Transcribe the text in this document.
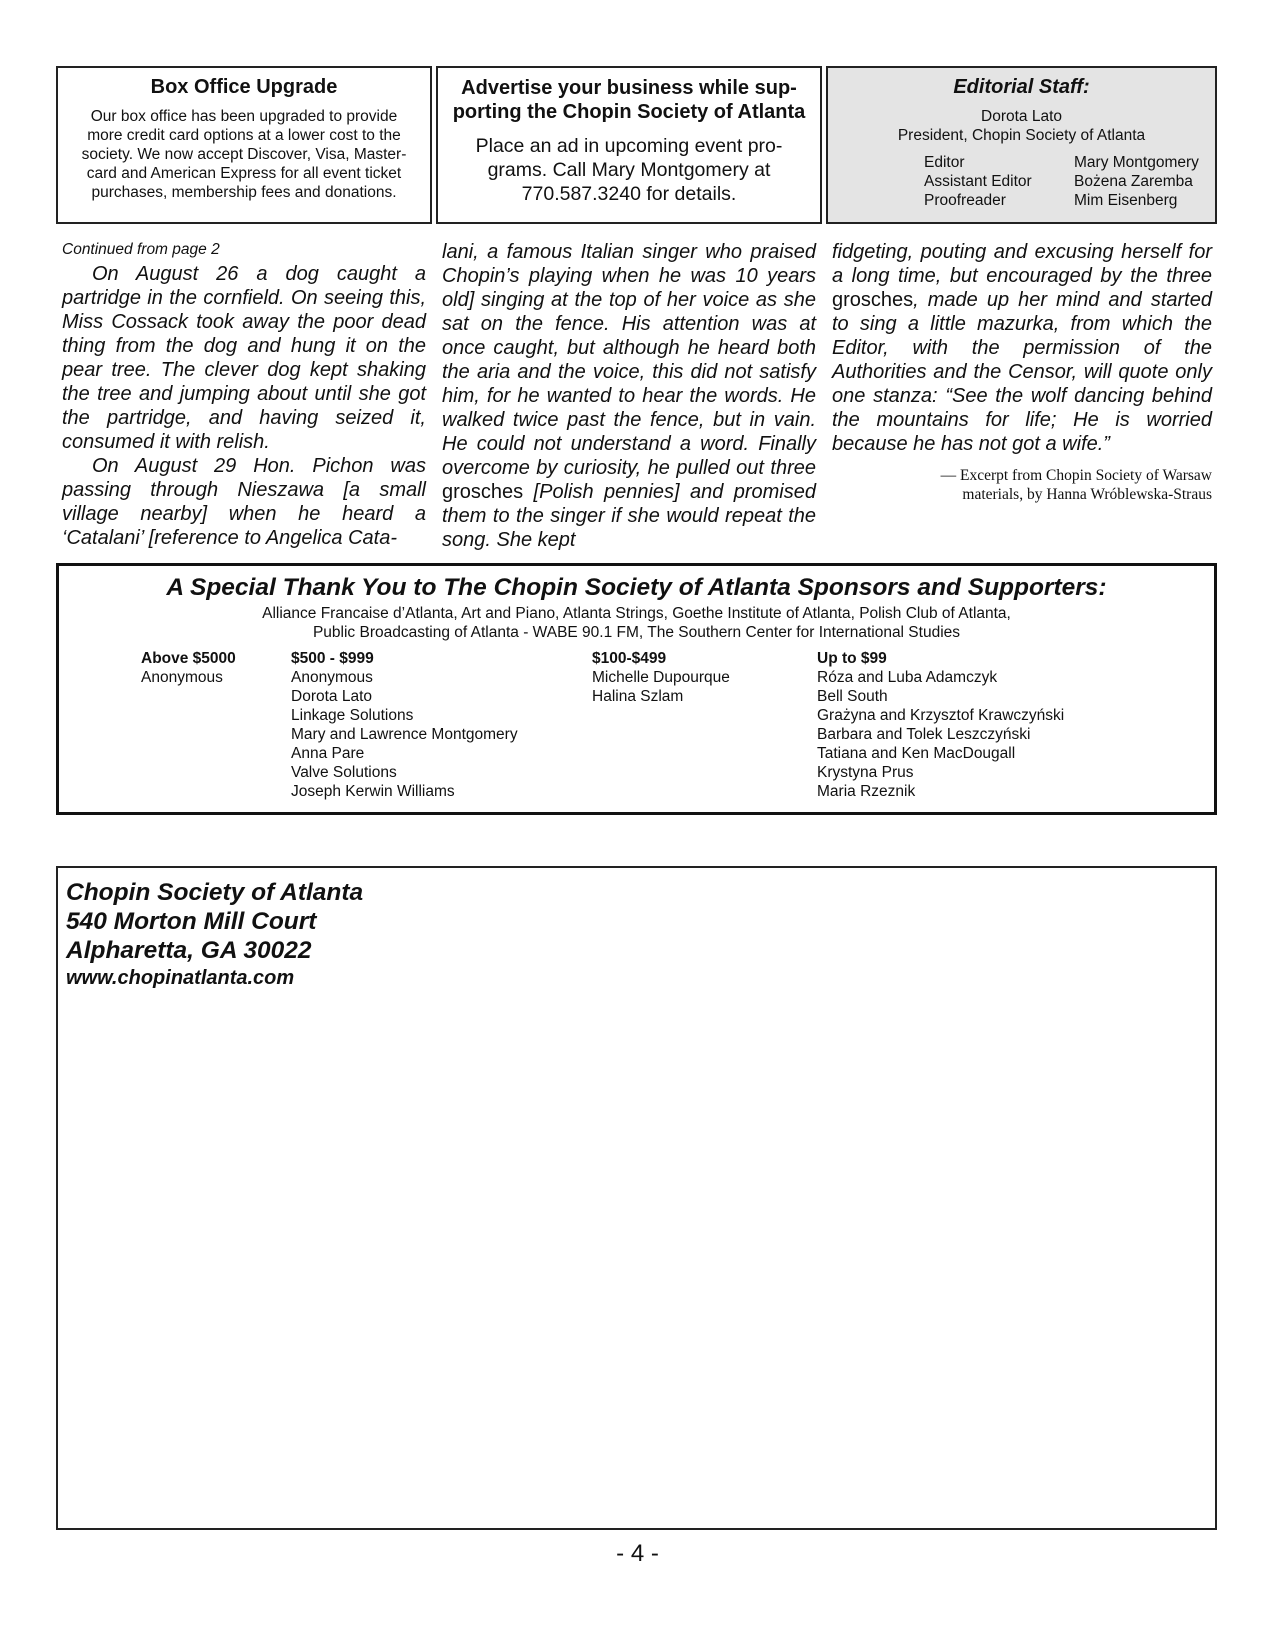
Box Office Upgrade
Our box office has been upgraded to provide
more credit card options at a lower cost to the
society. We now accept Discover, Visa, Master-
card and American Express for all event ticket
purchases, membership fees and donations.
Advertise your business while sup-
porting the Chopin Society of Atlanta
Place an ad in upcoming event pro-
grams. Call Mary Montgomery at
770.587.3240 for details.
Editorial Staff:
Dorota Lato
President, Chopin Society of Atlanta
Editor	Mary Montgomery
Assistant Editor	Bożena Zaremba
Proofreader	Mim Eisenberg
Continued from page 2

On August 26 a dog caught a partridge in the cornfield. On seeing this, Miss Cossack took away the poor dead thing from the dog and hung it on the pear tree. The clever dog kept shaking the tree and jumping about until she got the partridge, and having seized it, consumed it with relish.

On August 29 Hon. Pichon was passing through Nieszawa [a small village nearby] when he heard a ‘Catalani’ [reference to Angelica Cata-

lani, a famous Italian singer who praised Chopin’s playing when he was 10 years old] singing at the top of her voice as she sat on the fence. His attention was at once caught, but although he heard both the aria and the voice, this did not satisfy him, for he wanted to hear the words. He walked twice past the fence, but in vain. He could not understand a word. Finally overcome by curiosity, he pulled out three grosches [Polish pennies] and promised them to the singer if she would repeat the song. She kept

fidgeting, pouting and excusing herself for a long time, but encouraged by the three grosches, made up her mind and started to sing a little mazurka, from which the Editor, with the permission of the Authorities and the Censor, will quote only one stanza: “See the wolf dancing behind the mountains for life; He is worried because he has not got a wife.”

— Excerpt from Chopin Society of Warsaw
materials, by Hanna Wróblewska-Straus
A Special Thank You to The Chopin Society of Atlanta Sponsors and Supporters:
Alliance Francaise d’Atlanta, Art and Piano, Atlanta Strings, Goethe Institute of Atlanta, Polish Club of Atlanta,
Public Broadcasting of Atlanta - WABE 90.1 FM, The Southern Center for International Studies
Above $5000
Anonymous
$500 - $999
Anonymous
Dorota Lato
Linkage Solutions
Mary and Lawrence Montgomery
Anna Pare
Valve Solutions
Joseph Kerwin Williams
$100-$499
Michelle Dupourque
Halina Szlam
Up to $99
Róza and Luba Adamczyk
Bell South
Grażyna and Krzysztof Krawczyński
Barbara and Tolek Leszczyński
Tatiana and Ken MacDougall
Krystyna Prus
Maria Rzeznik
Chopin Society of Atlanta
540 Morton Mill Court
Alpharetta, GA 30022
www.chopinatlanta.com
- 4 -
